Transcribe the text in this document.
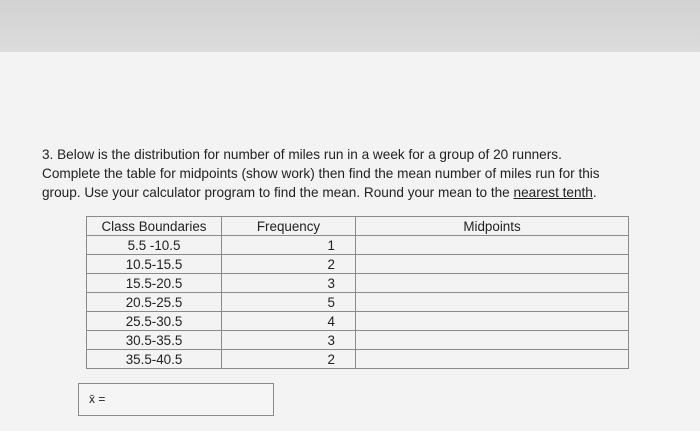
3. Below is the distribution for number of miles run in a week for a group of 20 runners.
Complete the table for midpoints (show work) then find the mean number of miles run for this
group. Use your calculator program to find the mean. Round your mean to the nearest tenth.
Class Boundaries	Frequency	Midpoints
5.5 -10.5	1	
10.5-15.5	2	
15.5-20.5	3	
20.5-25.5	5	
25.5-30.5	4	
30.5-35.5	3	
35.5-40.5	2	
x̄ =
